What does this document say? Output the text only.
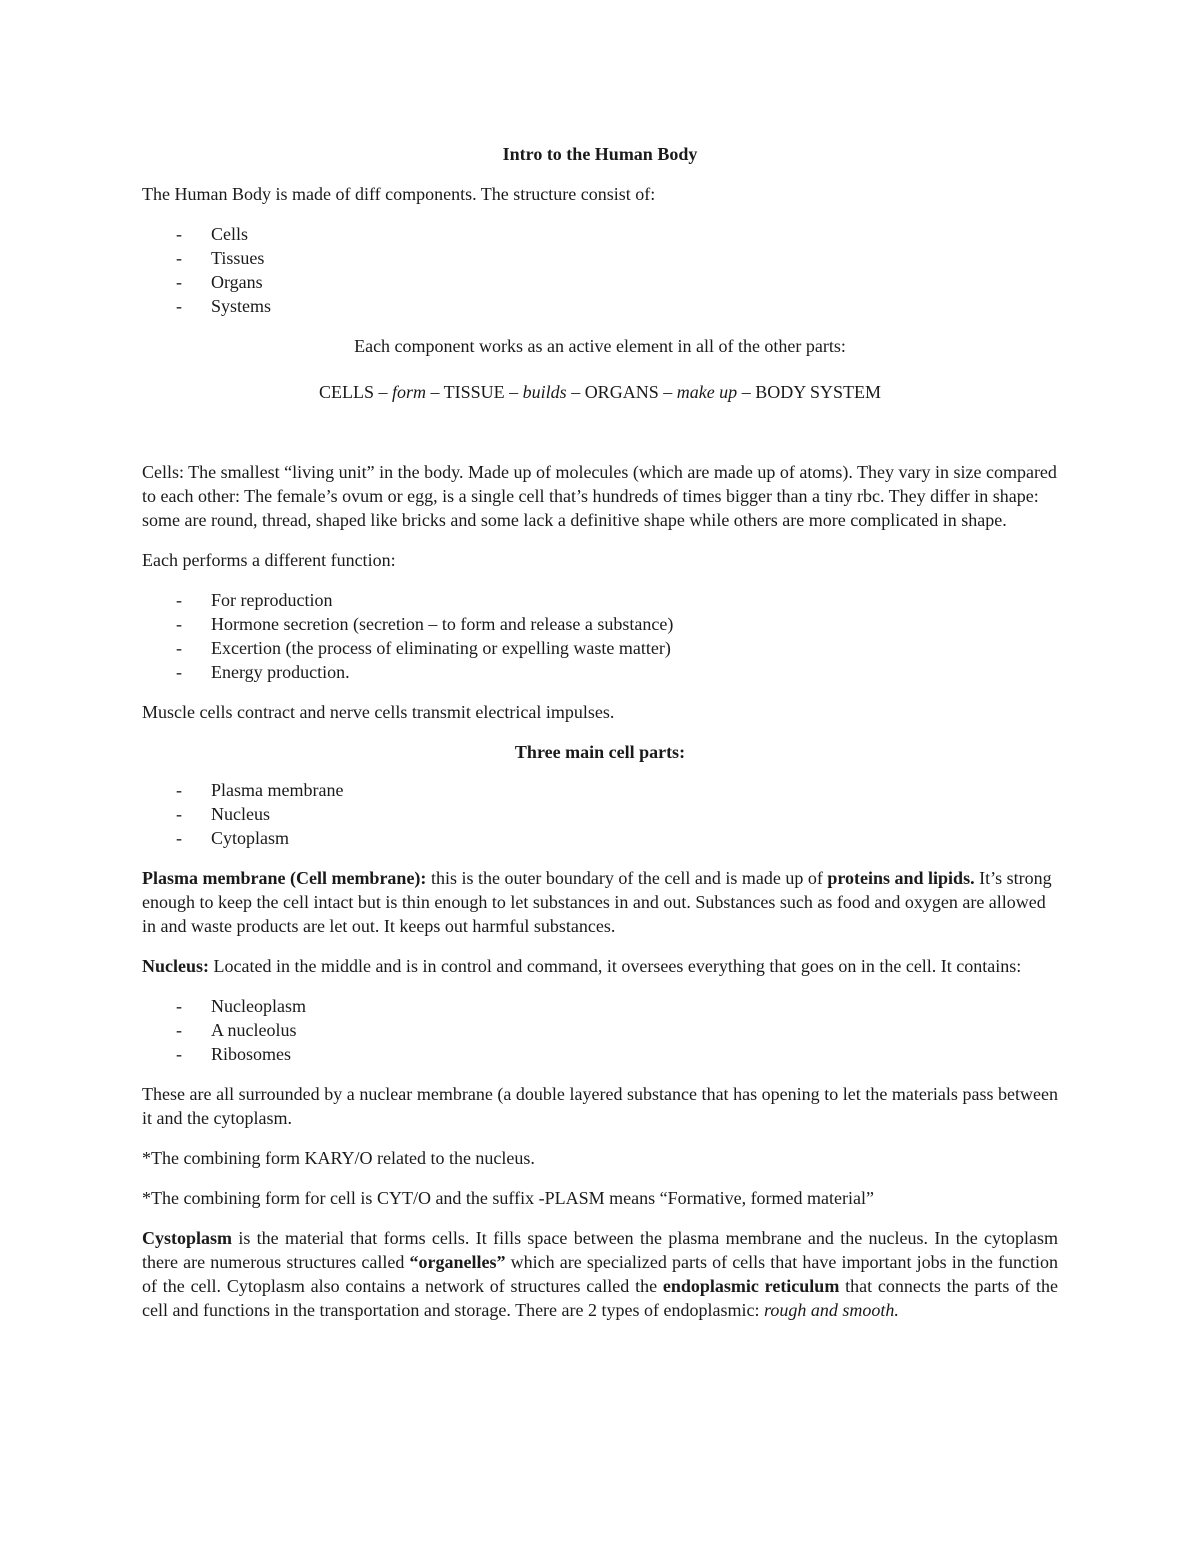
Intro to the Human Body

The Human Body is made of diff components. The structure consist of:

- Cells
- Tissues
- Organs
- Systems

Each component works as an active element in all of the other parts:

CELLS – form – TISSUE – builds – ORGANS – make up – BODY SYSTEM

Cells: The smallest “living unit” in the body. Made up of molecules (which are made up of atoms). They vary in size compared to each other: The female’s ovum or egg, is a single cell that’s hundreds of times bigger than a tiny rbc. They differ in shape: some are round, thread, shaped like bricks and some lack a definitive shape while others are more complicated in shape.

Each performs a different function:

- For reproduction
- Hormone secretion (secretion – to form and release a substance)
- Excertion (the process of eliminating or expelling waste matter)
- Energy production.

Muscle cells contract and nerve cells transmit electrical impulses.

Three main cell parts:
- Plasma membrane
- Nucleus
- Cytoplasm

Plasma membrane (Cell membrane): this is the outer boundary of the cell and is made up of proteins and lipids. It’s strong enough to keep the cell intact but is thin enough to let substances in and out. Substances such as food and oxygen are allowed in and waste products are let out. It keeps out harmful substances.

Nucleus: Located in the middle and is in control and command, it oversees everything that goes on in the cell. It contains:

- Nucleoplasm
- A nucleolus
- Ribosomes

These are all surrounded by a nuclear membrane (a double layered substance that has opening to let the materials pass between it and the cytoplasm.

*The combining form KARY/O related to the nucleus.

*The combining form for cell is CYT/O and the suffix -PLASM means “Formative, formed material”

Cystoplasm is the material that forms cells. It fills space between the plasma membrane and the nucleus. In the cytoplasm there are numerous structures called “organelles” which are specialized parts of cells that have important jobs in the function of the cell. Cytoplasm also contains a network of structures called the endoplasmic reticulum that connects the parts of the cell and functions in the transportation and storage. There are 2 types of endoplasmic: rough and smooth.
